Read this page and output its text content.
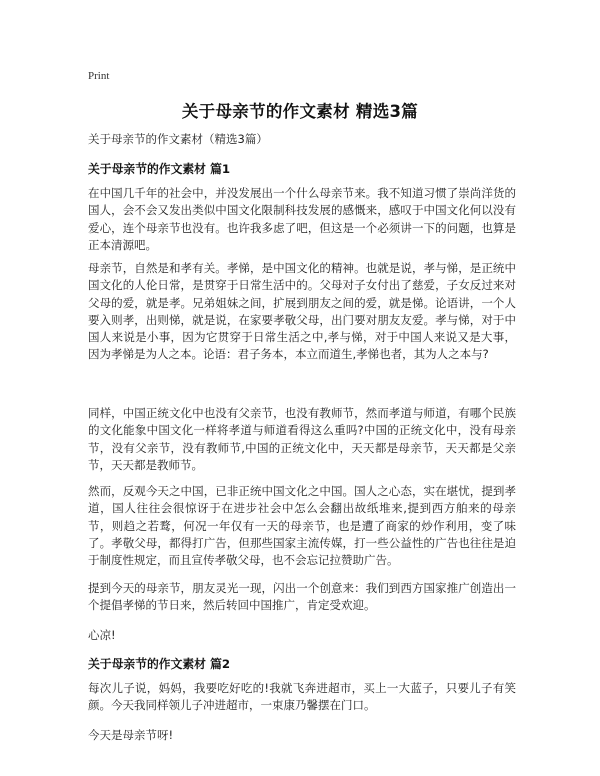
Print
关于母亲节的作文素材 精选3篇
关于母亲节的作文素材（精选3篇）
关于母亲节的作文素材 篇1

在中国几千年的社会中，并没发展出一个什么母亲节来。我不知道习惯了崇尚洋货的国人，会不会又发出类似中国文化限制科技发展的感慨来，感叹于中国文化何以没有爱心，连个母亲节也没有。也许我多虑了吧，但这是一个必须讲一下的问题，也算是正本清源吧。

母亲节，自然是和孝有关。孝悌，是中国文化的精神。也就是说，孝与悌，是正统中国文化的人伦日常，是贯穿于日常生活中的。父母对子女付出了慈爱，子女反过来对父母的爱，就是孝。兄弟姐妹之间，扩展到朋友之间的爱，就是悌。论语讲，一个人要入则孝，出则悌，就是说，在家要孝敬父母，出门要对朋友友爱。孝与悌，对于中国人来说是小事，因为它贯穿于日常生活之中,孝与悌，对于中国人来说又是大事，因为孝悌是为人之本。论语：君子务本，本立而道生,孝悌也者，其为人之本与?

同样，中国正统文化中也没有父亲节，也没有教师节，然而孝道与师道，有哪个民族的文化能象中国文化一样将孝道与师道看得这么重吗?中国的正统文化中，没有母亲节，没有父亲节，没有教师节,中国的正统文化中，天天都是母亲节，天天都是父亲节，天天都是教师节。

然而，反观今天之中国，已非正统中国文化之中国。国人之心态，实在堪忧，提到孝道，国人往往会很惊讶于在进步社会中怎么会翻出故纸堆来,提到西方舶来的母亲节，则趋之若鹜，何况一年仅有一天的母亲节，也是遭了商家的炒作利用，变了味了。孝敬父母，都得打广告，但那些国家主流传媒，打一些公益性的广告也往往是迫于制度性规定，而且宣传孝敬父母，也不会忘记拉赞助广告。

提到今天的母亲节，朋友灵光一现，闪出一个创意来：我们到西方国家推广创造出一个提倡孝悌的节日来，然后转回中国推广，肯定受欢迎。

心凉!
关于母亲节的作文素材 篇2

每次儿子说，妈妈，我要吃好吃的!我就飞奔进超市，买上一大蓝子，只要儿子有笑颜。今天我同样领儿子冲进超市，一束康乃馨摆在门口。

今天是母亲节呀!
